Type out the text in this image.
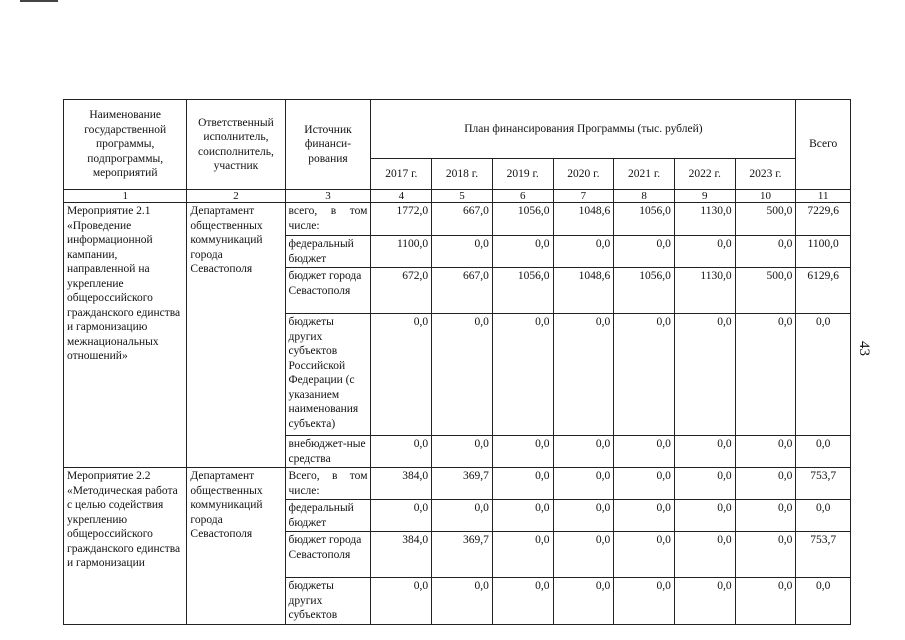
Наименование государственной программы, подпрограммы, мероприятий	Ответственный исполнитель, соисполнитель, участник	Источник финанси-рования	План финансирования Программы (тыс. рублей)							Всего
			2017 г.	2018 г.	2019 г.	2020 г.	2021 г.	2022 г.	2023 г.	
1	2	3	4	5	6	7	8	9	10	11
Мероприятие 2.1 «Проведение информационной кампании, направленной на укрепление общероссийского гражданского единства и гармонизацию межнациональных отношений»	Департамент общественных коммуникаций города Севастополя	всего, в том числе:	1772,0	667,0	1056,0	1048,6	1056,0	1130,0	500,0	7229,6
		федеральный бюджет	1100,0	0,0	0,0	0,0	0,0	0,0	0,0	1100,0
		бюджет города Севастополя	672,0	667,0	1056,0	1048,6	1056,0	1130,0	500,0	6129,6
		бюджеты других субъектов Российской Федерации (с указанием наименования субъекта)	0,0	0,0	0,0	0,0	0,0	0,0	0,0	0,0
		внебюджет-ные средства	0,0	0,0	0,0	0,0	0,0	0,0	0,0	0,0
Мероприятие 2.2 «Методическая работа с целью содействия укреплению общероссийского гражданского единства и гармонизации	Департамент общественных коммуникаций города Севастополя	Всего, в том числе:	384,0	369,7	0,0	0,0	0,0	0,0	0,0	753,7
		федеральный бюджет	0,0	0,0	0,0	0,0	0,0	0,0	0,0	0,0
		бюджет города Севастополя	384,0	369,7	0,0	0,0	0,0	0,0	0,0	753,7
		бюджеты других субъектов	0,0	0,0	0,0	0,0	0,0	0,0	0,0	0,0
43
